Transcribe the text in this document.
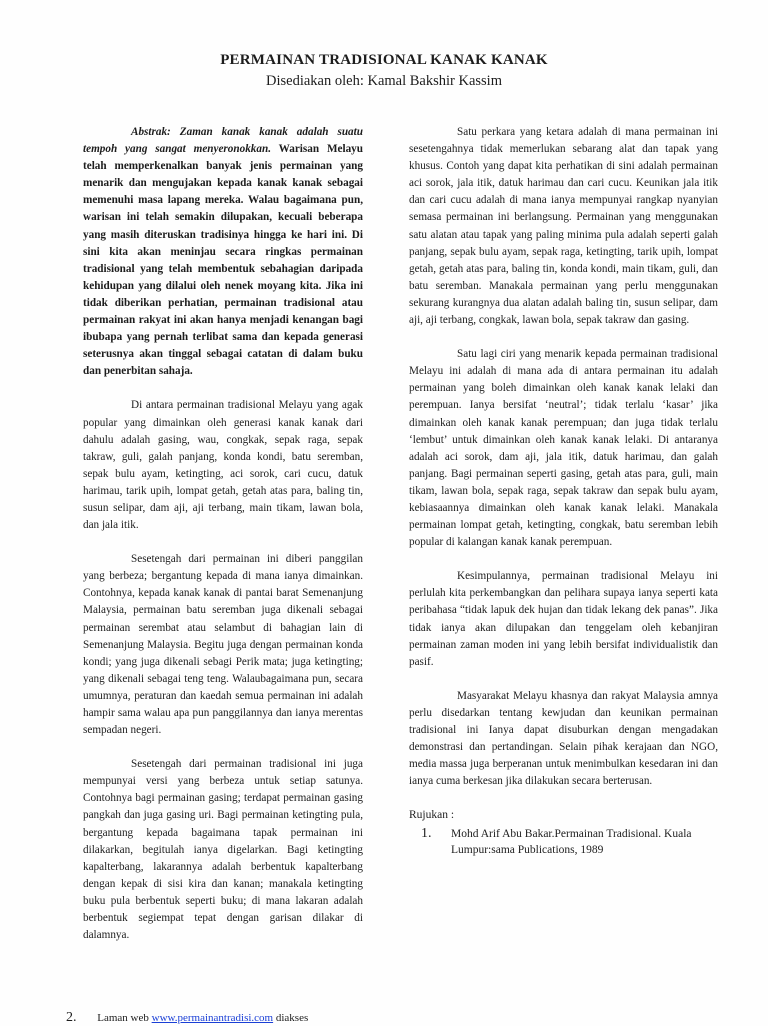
PERMAINAN TRADISIONAL KANAK KANAK
Disediakan oleh: Kamal Bakshir Kassim

Abstrak: Zaman kanak kanak adalah suatu tempoh yang sangat menyeronokkan. Warisan Melayu telah memperkenalkan banyak jenis permainan yang menarik dan mengujakan kepada kanak kanak sebagai memenuhi masa lapang mereka. Walau bagaimana pun, warisan ini telah semakin dilupakan, kecuali beberapa yang masih diteruskan tradisinya hingga ke hari ini. Di sini kita akan meninjau secara ringkas permainan tradisional yang telah membentuk sebahagian daripada kehidupan yang dilalui oleh nenek moyang kita. Jika ini tidak diberikan perhatian, permainan tradisional atau permainan rakyat ini akan hanya menjadi kenangan bagi ibubapa yang pernah terlibat sama dan kepada generasi seterusnya akan tinggal sebagai catatan di dalam buku dan penerbitan sahaja.

Di antara permainan tradisional Melayu yang agak popular yang dimainkan oleh generasi kanak kanak dari dahulu adalah gasing, wau, congkak, sepak raga, sepak takraw, guli, galah panjang, konda kondi, batu seremban, sepak bulu ayam, ketingting, aci sorok, cari cucu, datuk harimau, tarik upih, lompat getah, getah atas para, baling tin, susun selipar, dam aji, aji terbang, main tikam, lawan bola, dan jala itik.

Sesetengah dari permainan ini diberi panggilan yang berbeza; bergantung kepada di mana ianya dimainkan. Contohnya, kepada kanak kanak di pantai barat Semenanjung Malaysia, permainan batu seremban juga dikenali sebagai permainan serembat atau selambut di bahagian lain di Semenanjung Malaysia. Begitu juga dengan permainan konda kondi; yang juga dikenali sebagi Perik mata; juga ketingting; yang dikenali sebagai teng teng. Walaubagaimana pun, secara umumnya, peraturan dan kaedah semua permainan ini adalah hampir sama walau apa pun panggilannya dan ianya merentas sempadan negeri.

Sesetengah dari permainan tradisional ini juga mempunyai versi yang berbeza untuk setiap satunya. Contohnya bagi permainan gasing; terdapat permainan gasing pangkah dan juga gasing uri. Bagi permainan ketingting pula, bergantung kepada bagaimana tapak permainan ini dilakarkan, begitulah ianya digelarkan. Bagi ketingting kapalterbang, lakarannya adalah berbentuk kapalterbang dengan kepak di sisi kira dan kanan; manakala ketingting buku pula berbentuk seperti buku; di mana lakaran adalah berbentuk segiempat tepat dengan garisan dilakar di dalamnya.

Satu perkara yang ketara adalah di mana permainan ini sesetengahnya tidak memerlukan sebarang alat dan tapak yang khusus. Contoh yang dapat kita perhatikan di sini adalah permainan aci sorok, jala itik, datuk harimau dan cari cucu. Keunikan jala itik dan cari cucu adalah di mana ianya mempunyai rangkap nyanyian semasa permainan ini berlangsung. Permainan yang menggunakan satu alatan atau tapak yang paling minima pula adalah seperti galah panjang, sepak bulu ayam, sepak raga, ketingting, tarik upih, lompat getah, getah atas para, baling tin, konda kondi, main tikam, guli, dan batu seremban. Manakala permainan yang perlu menggunakan sekurang kurangnya dua alatan adalah baling tin, susun selipar, dam aji, aji terbang, congkak, lawan bola, sepak takraw dan gasing.

Satu lagi ciri yang menarik kepada permainan tradisional Melayu ini adalah di mana ada di antara permainan itu adalah permainan yang boleh dimainkan oleh kanak kanak lelaki dan perempuan. Ianya bersifat ‘neutral’; tidak terlalu ‘kasar’ jika dimainkan oleh kanak kanak perempuan; dan juga tidak terlalu ‘lembut’ untuk dimainkan oleh kanak kanak lelaki. Di antaranya adalah aci sorok, dam aji, jala itik, datuk harimau, dan galah panjang. Bagi permainan seperti gasing, getah atas para, guli, main tikam, lawan bola, sepak raga, sepak takraw dan sepak bulu ayam, kebiasaannya dimainkan oleh kanak kanak lelaki. Manakala permainan lompat getah, ketingting, congkak, batu seremban lebih popular di kalangan kanak kanak perempuan.

Kesimpulannya, permainan tradisional Melayu ini perlulah kita perkembangkan dan pelihara supaya ianya seperti kata peribahasa “tidak lapuk dek hujan dan tidak lekang dek panas”. Jika tidak ianya akan dilupakan dan tenggelam oleh kebanjiran permainan zaman moden ini yang lebih bersifat individualistik dan pasif.

Masyarakat Melayu khasnya dan rakyat Malaysia amnya perlu disedarkan tentang kewjudan dan keunikan permainan tradisional ini Ianya dapat disuburkan dengan mengadakan demonstrasi dan pertandingan. Selain pihak kerajaan dan NGO, media massa juga berperanan untuk menimbulkan kesedaran ini dan ianya cuma berkesan jika dilakukan secara berterusan.

Rujukan :

1.	Mohd Arif Abu Bakar.Permainan Tradisional. Kuala Lumpur:sama Publications, 1989
2. Laman web www.permainantradisi.com diakses
